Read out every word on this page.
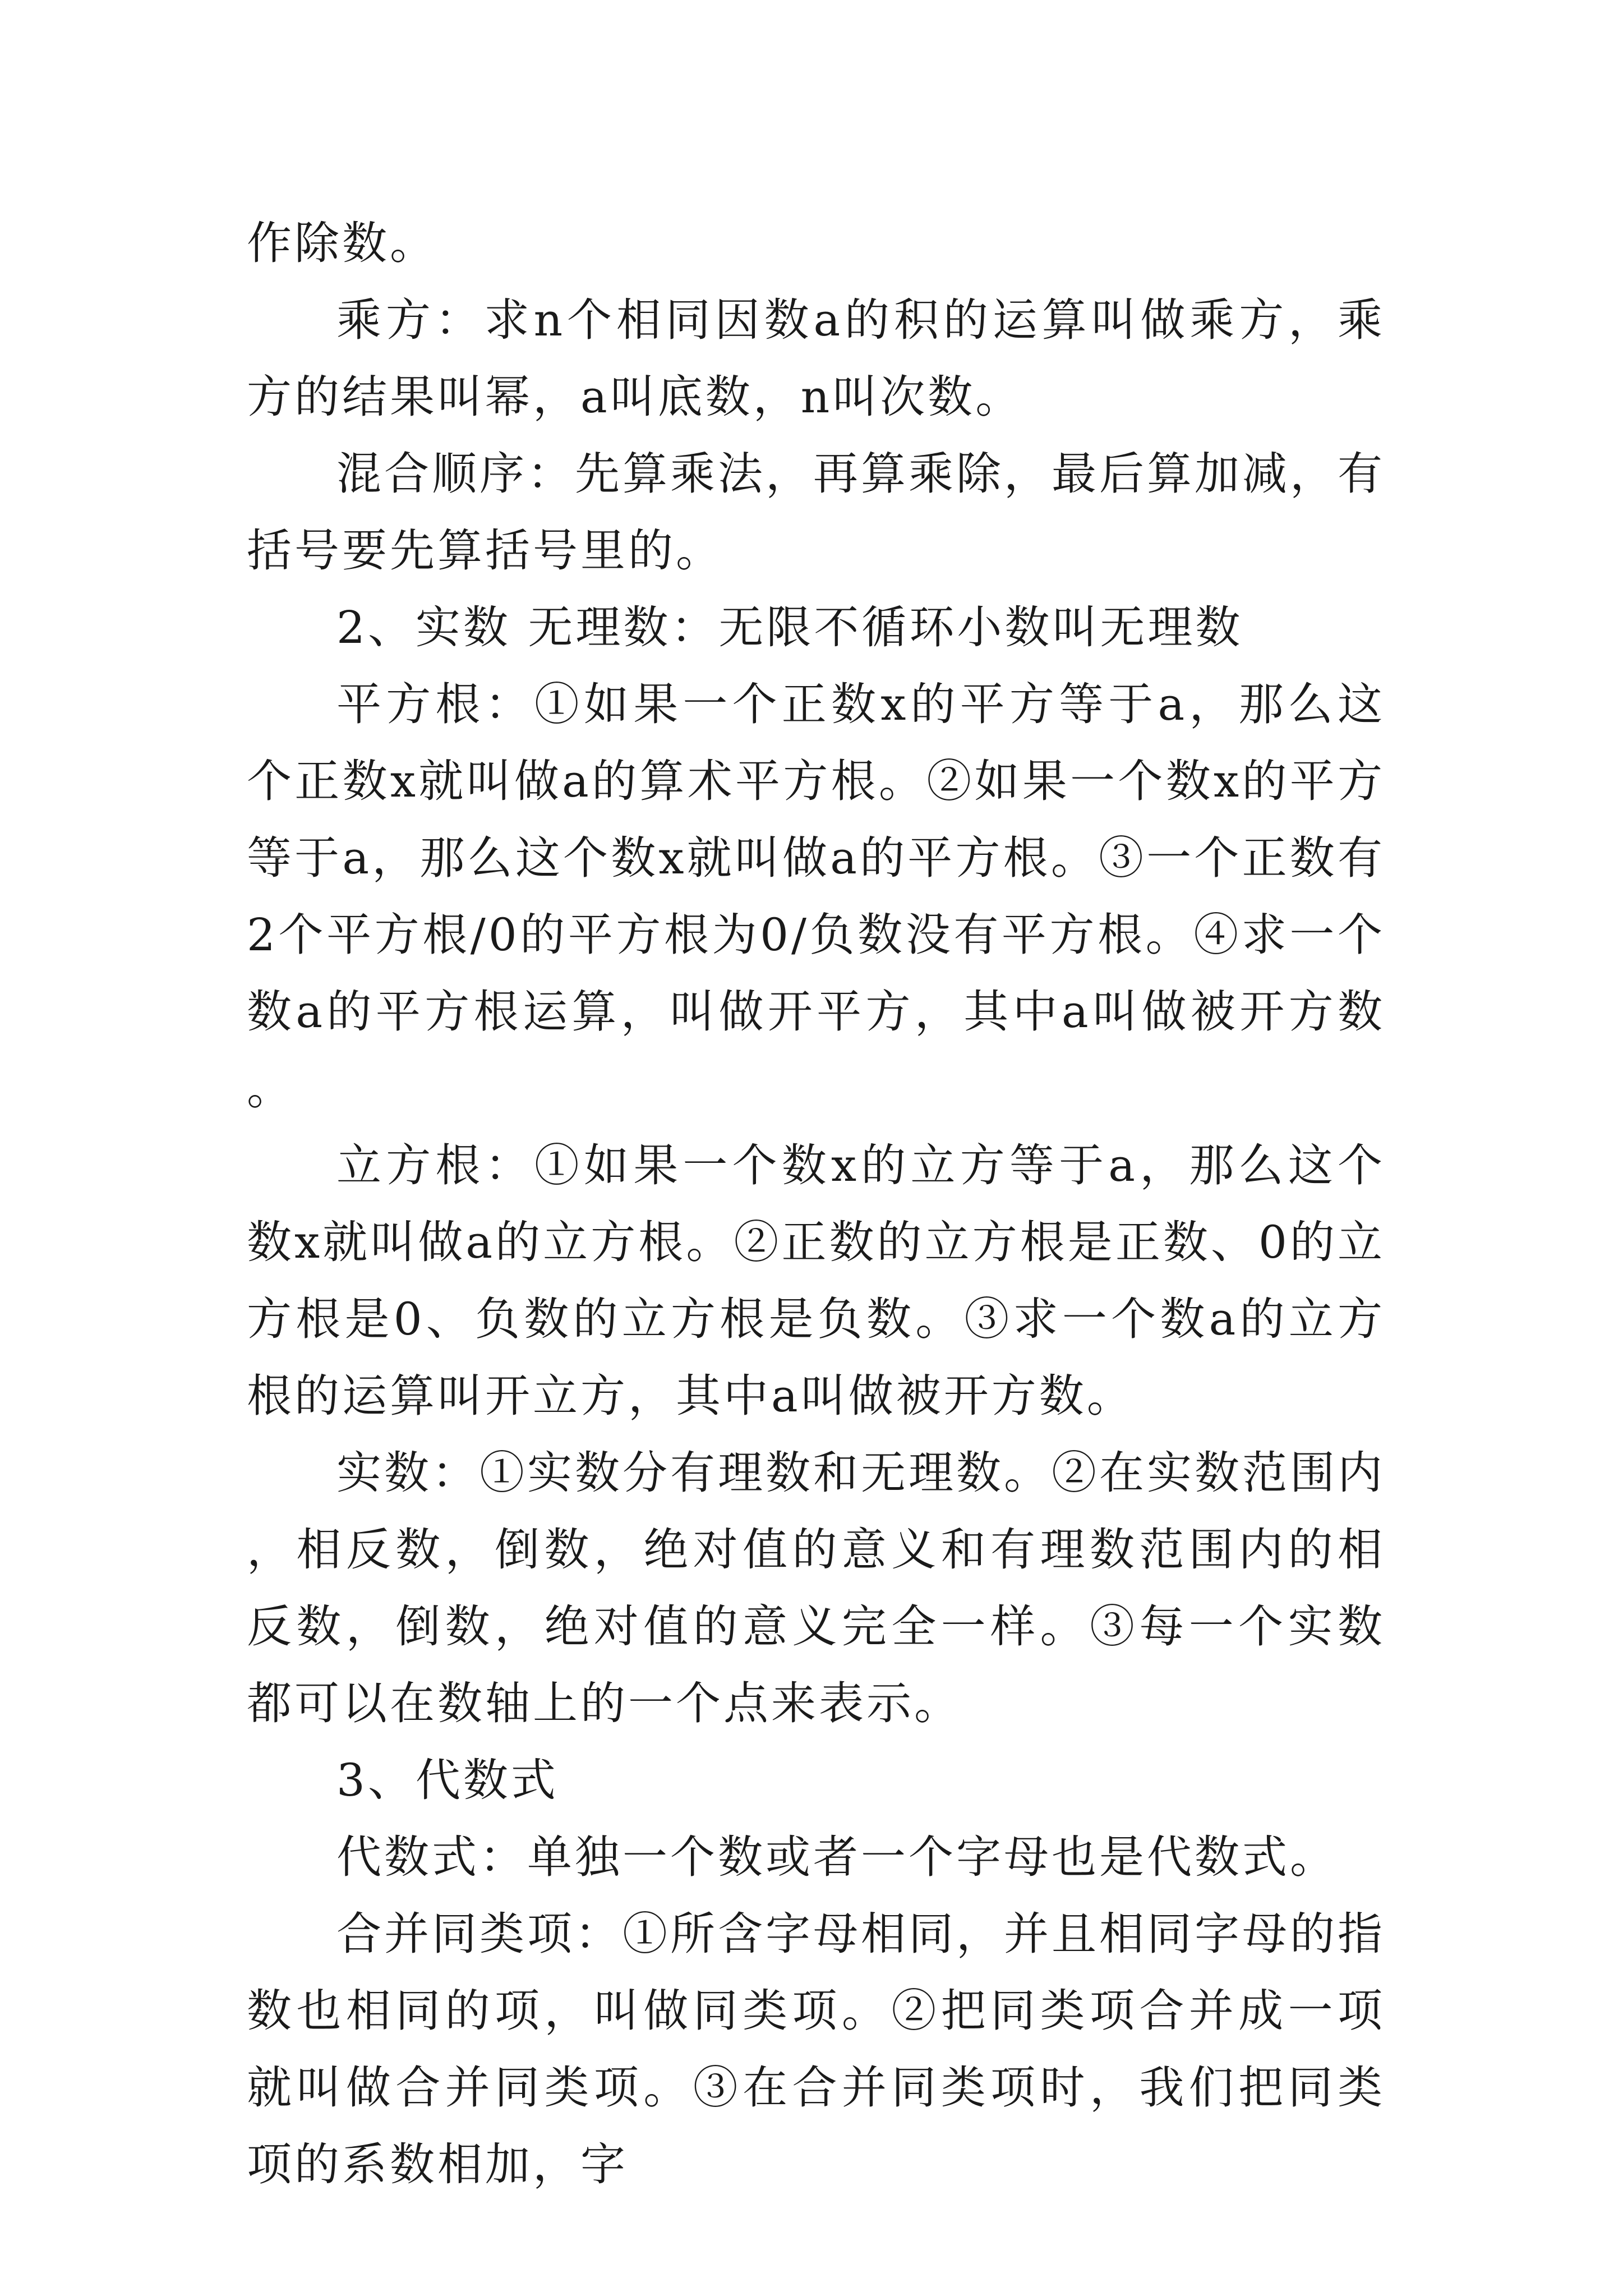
作除数。

乘方：求n个相同因数a的积的运算叫做乘方，乘方的结果叫幂，a叫底数，n叫次数。

混合顺序：先算乘法，再算乘除，最后算加减，有括号要先算括号里的。

2、实数 无理数：无限不循环小数叫无理数

平方根：①如果一个正数x的平方等于a，那么这个正数x就叫做a的算术平方根。②如果一个数x的平方等于a，那么这个数x就叫做a的平方根。③一个正数有2个平方根/0的平方根为0/负数没有平方根。④求一个数a的平方根运算，叫做开平方，其中a叫做被开方数。

立方根：①如果一个数x的立方等于a，那么这个数x就叫做a的立方根。②正数的立方根是正数、0的立方根是0、负数的立方根是负数。③求一个数a的立方根的运算叫开立方，其中a叫做被开方数。

实数：①实数分有理数和无理数。②在实数范围内，相反数，倒数，绝对值的意义和有理数范围内的相反数，倒数，绝对值的意义完全一样。③每一个实数都可以在数轴上的一个点来表示。

3、代数式

代数式：单独一个数或者一个字母也是代数式。

合并同类项：①所含字母相同，并且相同字母的指数也相同的项，叫做同类项。②把同类项合并成一项就叫做合并同类项。③在合并同类项时，我们把同类项的系数相加，字
